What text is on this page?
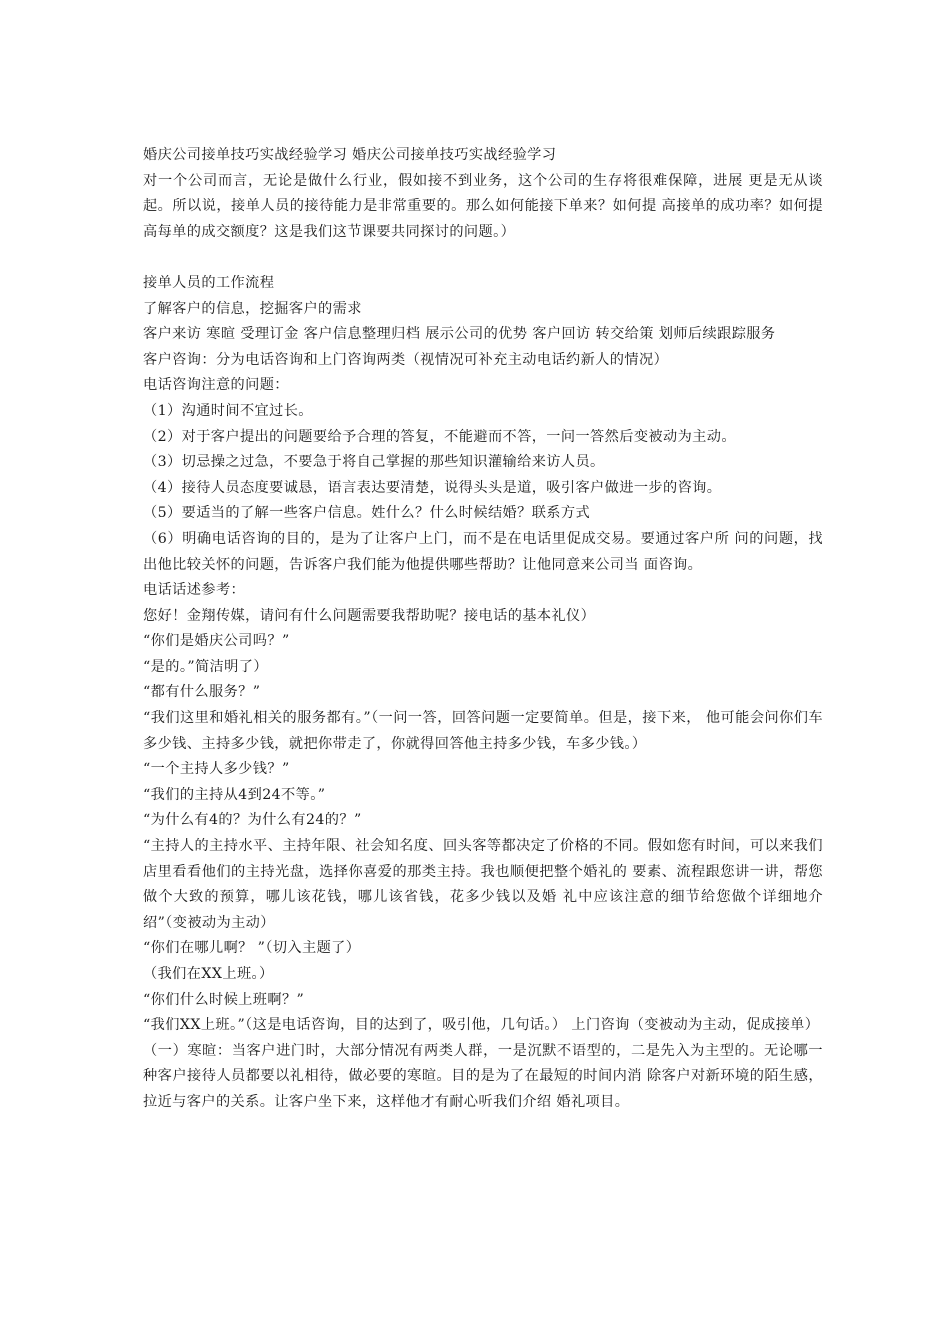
婚庆公司接单技巧实战经验学习 婚庆公司接单技巧实战经验学习

对一个公司而言，无论是做什么行业，假如接不到业务，这个公司的生存将很难保障，进展 更是无从谈起。所以说，接单人员的接待能力是非常重要的。那么如何能接下单来？如何提 高接单的成功率？如何提高每单的成交额度？这是我们这节课要共同探讨的问题。）

接单人员的工作流程

了解客户的信息，挖掘客户的需求

客户来访 寒暄 受理订金 客户信息整理归档 展示公司的优势 客户回访 转交给策 划师后续跟踪服务

客户咨询：分为电话咨询和上门咨询两类（视情况可补充主动电话约新人的情况）

电话咨询注意的问题：

（1）沟通时间不宜过长。

（2）对于客户提出的问题要给予合理的答复，不能避而不答，一问一答然后变被动为主动。

（3）切忌操之过急，不要急于将自己掌握的那些知识灌输给来访人员。

（4）接待人员态度要诚恳，语言表达要清楚，说得头头是道，吸引客户做进一步的咨询。

（5）要适当的了解一些客户信息。姓什么？什么时候结婚？联系方式

（6）明确电话咨询的目的，是为了让客户上门，而不是在电话里促成交易。要通过客户所 问的问题，找出他比较关怀的问题，告诉客户我们能为他提供哪些帮助？让他同意来公司当 面咨询。

电话话述参考：

您好！金翔传媒，请问有什么问题需要我帮助呢？接电话的基本礼仪）

“你们是婚庆公司吗？”

“是的。”简洁明了）

“都有什么服务？”

“我们这里和婚礼相关的服务都有。”（一问一答，回答问题一定要简单。但是，接下来， 他可能会问你们车多少钱、主持多少钱，就把你带走了，你就得回答他主持多少钱，车多少钱。）

“一个主持人多少钱？”

“我们的主持从4到24不等。”

“为什么有4的？为什么有24的？”

“主持人的主持水平、主持年限、社会知名度、回头客等都决定了价格的不同。假如您有时间，可以来我们店里看看他们的主持光盘，选择你喜爱的那类主持。我也顺便把整个婚礼的 要素、流程跟您讲一讲，帮您做个大致的预算，哪儿该花钱，哪儿该省钱，花多少钱以及婚 礼中应该注意的细节给您做个详细地介绍”（变被动为主动）

“你们在哪儿啊？ ”（切入主题了）

（我们在XX上班。）

“你们什么时候上班啊？”

“我们XX上班。”（这是电话咨询，目的达到了，吸引他，几句话。） 上门咨询（变被动为主动，促成接单）

（一）寒暄：当客户进门时，大部分情况有两类人群，一是沉默不语型的，二是先入为主型的。无论哪一种客户接待人员都要以礼相待，做必要的寒暄。目的是为了在最短的时间内消 除客户对新环境的陌生感，拉近与客户的关系。让客户坐下来，这样他才有耐心听我们介绍 婚礼项目。
